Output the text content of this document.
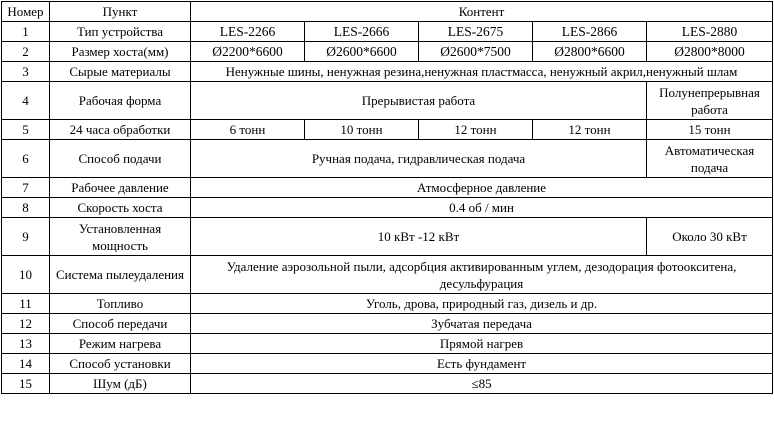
Номер	Пункт	Контент				
1	Тип устройства	LES-2266	LES-2666	LES-2675	LES-2866	LES-2880
2	Размер хоста(мм)	Ø2200*6600	Ø2600*6600	Ø2600*7500	Ø2800*6600	Ø2800*8000
3	Сырые материалы	Ненужные шины, ненужная резина,ненужная пластмасса, ненужный акрил,ненужный шлам				
4	Рабочая форма	Прерывистая работа				Полунепрерывная работа
5	24 часа обработки	6 тонн	10 тонн	12 тонн	12 тонн	15 тонн
6	Способ подачи	Ручная подача, гидравлическая подача				Автоматическая подача
7	Рабочее давление	Атмосферное давление				
8	Скорость хоста	0.4 об / мин				
9	Установленная мощность	10 кВт -12 кВт				Около 30 кВт
10	Система пылеудаления	Удаление аэрозольной пыли, адсорбция активированным углем, дезодорация фотоокситена, десульфурация				
11	Топливо	Уголь, дрова, природный газ, дизель и др.				
12	Способ передачи	Зубчатая передача				
13	Режим нагрева	Прямой нагрев				
14	Способ установки	Есть фундамент				
15	Шум (дБ)	≤85				
